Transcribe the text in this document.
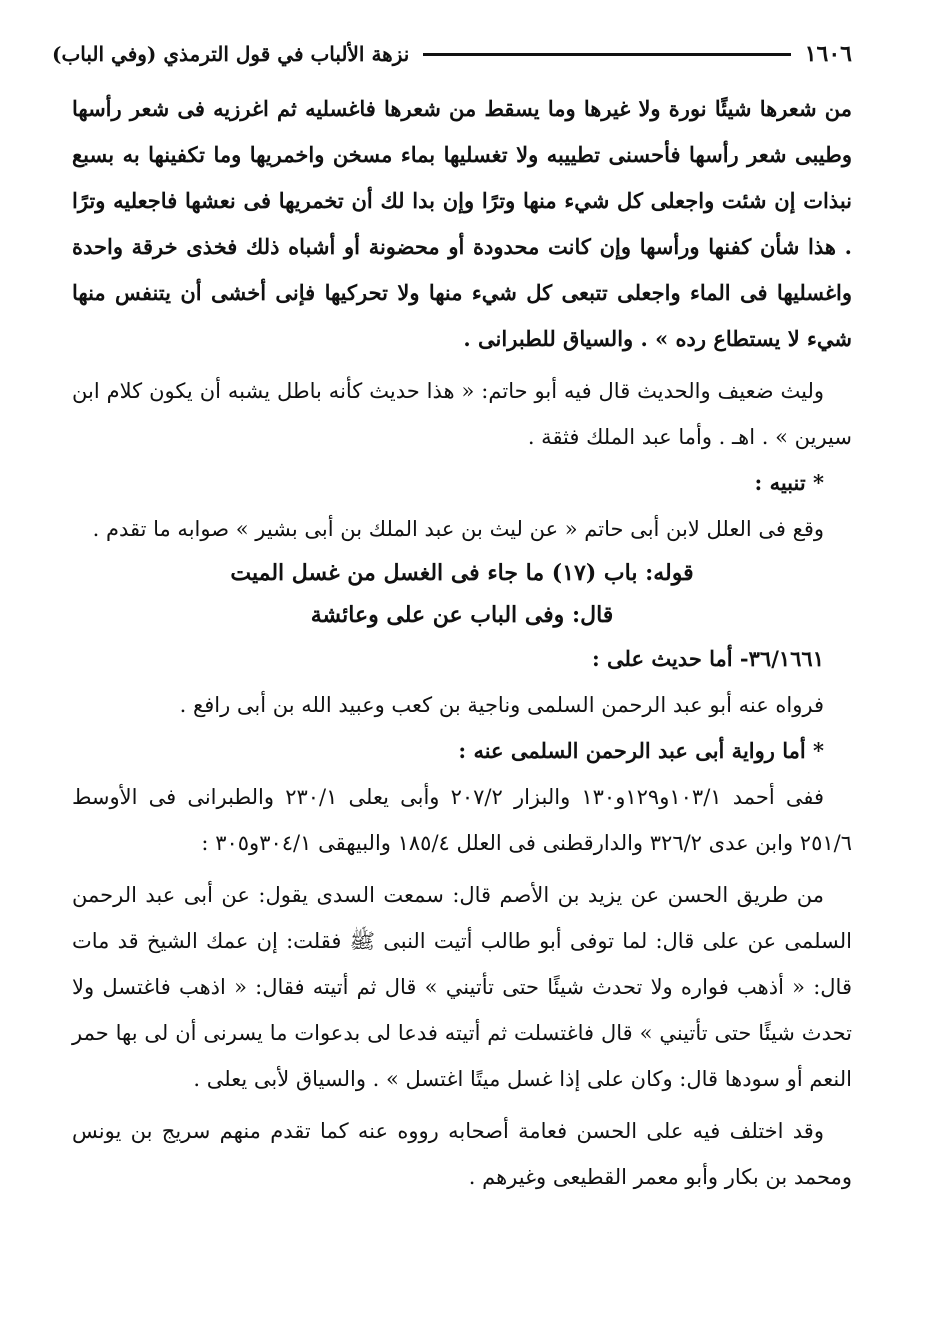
١٦٠٦
نزهة الألباب في قول الترمذي (وفي الباب)

من شعرها شيئًا نورة ولا غيرها وما يسقط من شعرها فاغسليه ثم اغرزيه فى شعر رأسها وطيبى شعر رأسها فأحسنى تطييبه ولا تغسليها بماء مسخن واخمريها وما تكفينها به بسبع نبذات إن شئت واجعلى كل شيء منها وترًا وإن بدا لك أن تخمريها فى نعشها فاجعليه وترًا . هذا شأن كفنها ورأسها وإن كانت محدودة أو محضونة أو أشباه ذلك فخذى خرقة واحدة واغسليها فى الماء واجعلى تتبعى كل شيء منها ولا تحركيها فإنى أخشى أن يتنفس منها شيء لا يستطاع رده » . والسياق للطبرانى .

وليث ضعيف والحديث قال فيه أبو حاتم: « هذا حديث كأنه باطل يشبه أن يكون كلام ابن سيرين » . اهـ . وأما عبد الملك فثقة .

* تنبيه :

وقع فى العلل لابن أبى حاتم « عن ليث بن عبد الملك بن أبى بشير » صوابه ما تقدم .

قوله: باب (١٧) ما جاء فى الغسل من غسل الميت

قال: وفى الباب عن على وعائشة

٣٦/١٦٦١- أما حديث على :

فرواه عنه أبو عبد الرحمن السلمى وناجية بن كعب وعبيد الله بن أبى رافع .

* أما رواية أبى عبد الرحمن السلمى عنه :

ففى أحمد ١٠٣/١و١٢٩و١٣٠ والبزار ٢٠٧/٢ وأبى يعلى ٢٣٠/١ والطبرانى فى الأوسط ٢٥١/٦ وابن عدى ٣٢٦/٢ والدارقطنى فى العلل ١٨٥/٤ والبيهقى ٣٠٤/١و٣٠٥ :

من طريق الحسن عن يزيد بن الأصم قال: سمعت السدى يقول: عن أبى عبد الرحمن السلمى عن على قال: لما توفى أبو طالب أتيت النبى ﷺ فقلت: إن عمك الشيخ قد مات قال: « أذهب فواره ولا تحدث شيئًا حتى تأتيني » قال ثم أتيته فقال: « اذهب فاغتسل ولا تحدث شيئًا حتى تأتيني » قال فاغتسلت ثم أتيته فدعا لى بدعوات ما يسرنى أن لى بها حمر النعم أو سودها قال: وكان على إذا غسل ميتًا اغتسل » . والسياق لأبى يعلى .

وقد اختلف فيه على الحسن فعامة أصحابه رووه عنه كما تقدم منهم سريج بن يونس ومحمد بن بكار وأبو معمر القطيعى وغيرهم .
